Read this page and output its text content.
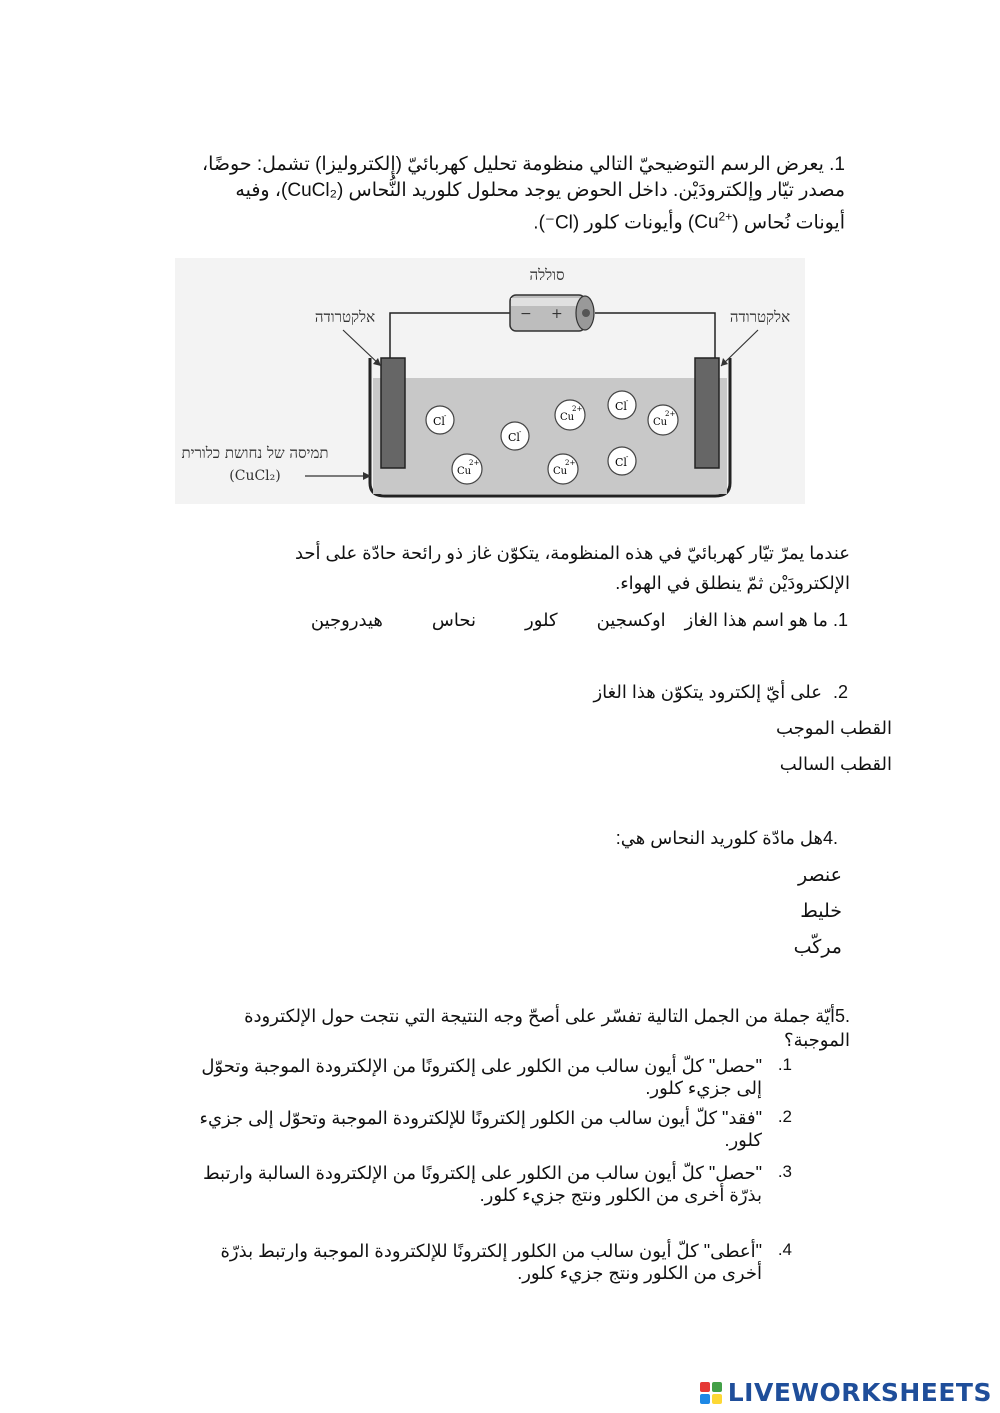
1. يعرض الرسم التوضيحيّ التالي منظومة تحليل كهربائيّ (إلكتروليزا) تشمل: حوضًا،
مصدر تيّار وإلكترودَيْن. داخل الحوض يوجد محلول كلوريد النُّحاس (CuCl₂)، وفيه
أيونات نُحاس $(Cu^{2+})$ وأيونات كلور (Cl⁻).
− +
סוללה
אלקטרודה	אלקטרודה
תמיסה של נחושת כלורית
(CuCl₂)
Cl -
Cl -
Cu
2+	Cl -
Cu
2+
Cu
2+
Cu
2+	Cl -
عندما يمرّ تيّار كهربائيّ في هذه المنظومة، يتكوّن غاز ذو رائحة حادّة على أحد
الإلكترودَيْن ثمّ ينطلق في الهواء.
1. ما هو اسم هذا الغاز اوكسجين كلور نحاس هيدروجين
2. على أيّ إلكترود يتكوّن هذا الغاز
القطب الموجب
القطب السالب
.4هل مادّة كلوريد النحاس هي:
عنصر
خليط
مركّب
.5أيّة جملة من الجمل التالية تفسّر على أصحّ وجه النتيجة التي نتجت حول الإلكترودة
الموجبة؟
.1
"حصل" كلّ أيون سالب من الكلور على إلكترونًا من الإلكترودة الموجبة وتحوّل
إلى جزيء كلور.
.2
"فقد" كلّ أيون سالب من الكلور إلكترونًا للإلكترودة الموجبة وتحوّل إلى جزيء
كلور.
.3
"حصل" كلّ أيون سالب من الكلور على إلكترونًا من الإلكترودة السالبة وارتبط
بذرّة أخرى من الكلور ونتج جزيء كلور.
.4
"أعطى" كلّ أيون سالب من الكلور إلكترونًا للإلكترودة الموجبة وارتبط بذرّة
أخرى من الكلور ونتج جزيء كلور.
LIVEWORKSHEETS
